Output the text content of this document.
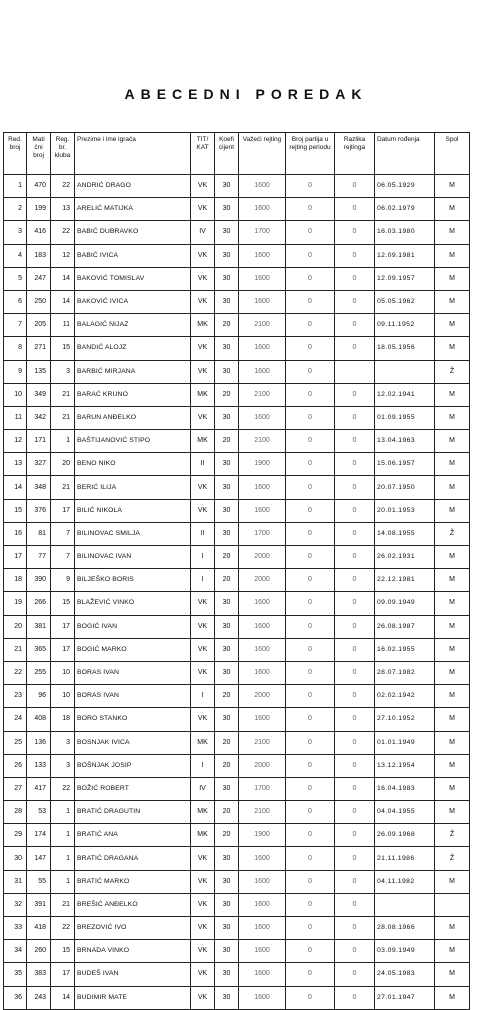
ABECEDNI POREDAK
Red. broj	Mati čni broj	Reg. br. kluba	Prezime i ime igrača	TIT/ KAT	Koefi cijent	Važeći rejting	Broj partija u rejting periodu	Razlika rejtinga	Datum rođenja	Spol
1	470	22	ANDRIĆ DRAGO	VK	30	1600	0	0	06.05.1929	M
2	199	13	ARELIĆ MATIJKA	VK	30	1600	0	0	06.02.1979	M
3	416	22	BABIĆ DUBRAVKO	IV	30	1700	0	0	16.03.1980	M
4	183	12	BABIĆ IVICA	VK	30	1600	0	0	12.09.1981	M
5	247	14	BAKOVIĆ TOMISLAV	VK	30	1600	0	0	12.09.1957	M
6	250	14	BAKOVIĆ IVICA	VK	30	1600	0	0	05.05.1962	M
7	205	11	BALAGIĆ NIJAZ	MK	20	2100	0	0	09.11.1952	M
8	271	15	BANDIĆ ALOJZ	VK	30	1600	0	0	18.05.1956	M
9	135	3	BARBIĆ MIRJANA	VK	30	1600	0			Ž
10	349	21	BARAĆ KRUNO	MK	20	2100	0	0	12.02.1941	M
11	342	21	BARUN ANĐELKO	VK	30	1600	0	0	01.09.1955	M
12	171	1	BAŠTIJANOVIĆ STIPO	MK	20	2100	0	0	13.04.1963	M
13	327	20	BENO NIKO	II	30	1900	0	0	15.06.1957	M
14	348	21	BERIĆ ILIJA	VK	30	1600	0	0	20.07.1950	M
15	376	17	BILIĆ NIKOLA	VK	30	1600	0	0	20.01.1953	M
16	81	7	BILINOVAC SMILJA	II	30	1700	0	0	14.08.1955	Ž
17	77	7	BILINOVAC IVAN	I	20	2000	0	0	26.02.1931	M
18	390	9	BILJEŠKO BORIS	I	20	2000	0	0	22.12.1981	M
19	266	15	BLAŽEVIĆ VINKO	VK	30	1600	0	0	09.09.1949	M
20	381	17	BOGIĆ IVAN	VK	30	1600	0	0	26.08.1987	M
21	365	17	BOGIĆ MARKO	VK	30	1600	0	0	16.02.1955	M
22	255	10	BORAS IVAN	VK	30	1600	0	0	28.07.1982	M
23	96	10	BORAS IVAN	I	20	2000	0	0	02.02.1942	M
24	408	18	BORO STANKO	VK	30	1600	0	0	27.10.1952	M
25	136	3	BOSNJAK IVICA	MK	20	2100	0	0	01.01.1949	M
26	133	3	BOŠNJAK JOSIP	I	20	2000	0	0	13.12.1954	M
27	417	22	BOŽIĆ ROBERT	IV	30	1700	0	0	16.04.1983	M
28	53	1	BRATIĆ DRAGUTIN	MK	20	2100	0	0	04.04.1955	M
29	174	1	BRATIĆ ANA	MK	20	1900	0	0	26.09.1968	Ž
30	147	1	BRATIĆ DRAGANA	VK	30	1600	0	0	21.11.1986	Ž
31	55	1	BRATIĆ MARKO	VK	30	1600	0	0	04.11.1982	M
32	391	21	BREŠIĆ ANĐELKO	VK	30	1600	0	0		
33	418	22	BREZOVIĆ IVO	VK	30	1600	0	0	28.08.1966	M
34	260	15	BRNADA VINKO	VK	30	1600	0	0	03.09.1949	M
35	383	17	BUDEŠ IVAN	VK	30	1600	0	0	24.05.1983	M
36	243	14	BUDIMIR MATE	VK	30	1600	0	0	27.01.1947	M
